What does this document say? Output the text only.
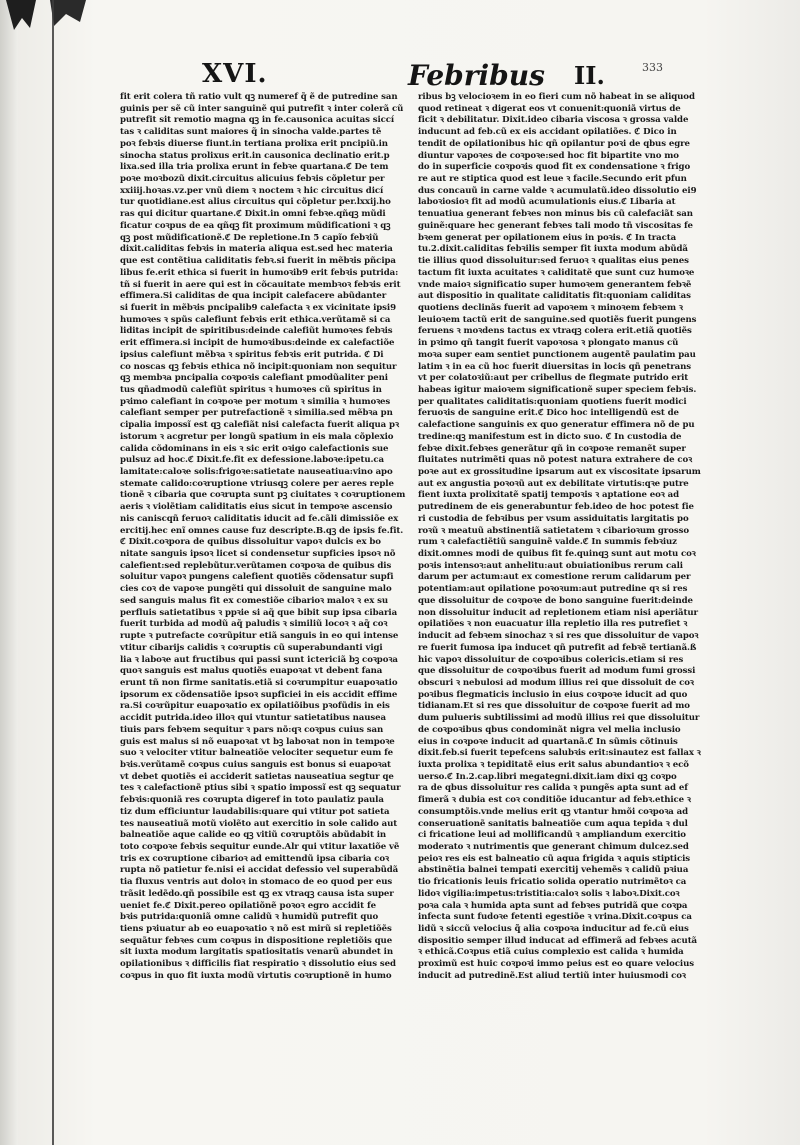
XVI.	Febribus II.	333
fit erit colera tñ ratio vult qꝫ numeref q̃ ẽ de putredine san
guinis per sẽ cũ inter sanguinẽ qui putrefit ꝛ inter colerã cũ
putrefit sit remotio magna qꝫ in fe.causonica acuitas siccí
tas ꝛ caliditas sunt maiores q̃ in sinocha valde.partes tẽ
poꝛ febꝛis diuerse fiunt.in tertiana prolixa erit pncipiũ.in
sinocha status prolixus erit.in causonica declinatio erit.p
lixa.sed illa tria prolixa erunt in febꝛe quartana.ℭ De tem
poꝛe moꝛbozũ dixit.circuitus alicuius febꝛis cõpletur per
xxiiij.hoꝛas.vz.per vnũ diem ꝛ noctem ꝛ hic circuitus dicí
tur quotidiane.est alius circuitus qui cõpletur per.lxxij.ho
ras qui dicitur quartane.ℭ Dixit.in omni febꝛe.qñqꝫ mũdi
ficatur coꝛpus de ea qñqꝫ fit proximum mũdificationi ꝛ qꝫ
qꝫ post mũdificationẽ.ℭ De repletione.In 5 capĩo febꝛiũ
dixit.caliditas febꝛis in materia aliqua est.sed hec materia
que est contẽtiua caliditatis febꝛ.si fuerit in mẽbꝛis pñcipa
libus fe.erit ethica si fuerit in humoꝛib9 erit febꝛis putrida:
tñ si fuerit in aere qui est in cõcauitate membꝛoꝛ febꝛis erit
effimera.Si caliditas de qua incipit calefacere abũdanter
si fuerit in mẽbꝛis pncipalib9 calefacta ꝛ ex vicinitate ipsi9
humoꝛes ꝛ spũs calefiunt febꝛis erit ethica.verũtamẽ si ca
liditas incipit de spiritibus:deinde calefiũt humoꝛes febꝛis
erit effimera.si incipit de humoꝛibus:deinde ex calefactiõe
ipsius calefiunt mẽbꝛa ꝛ spiritus febꝛis erit putrida. ℭ Di
co noscas qꝫ febꝛis ethica nõ incipit:quoniam non sequitur
qꝫ membꝛa pncipalia coꝛpoꝛis calefiant pmodũaliter peni
tus qñadmodũ calefiũt spiritus ꝛ humoꝛes cũ spiritus in
pꝛimo calefiant in coꝛpoꝛe per motum ꝛ similia ꝛ humoꝛes
calefiant semper per putrefactionẽ ꝛ similia.sed mẽbꝛa pn
cipalia impossĩ est qꝫ calefiãt nisi calefacta fuerit aliqua pꝛ
istorum ꝛ acgretur per longũ spatium in eis mala cõplexio
calida cõdominans in eis ꝛ sic erit oꝛigo calefactionis sue
pulsuz ad hoc.ℭ Dixit.fe.fit ex defessione.laboꝛe:ipetu.ca
lamitate:caloꝛe solis:frigoꝛe:satietate nauseatiua:vino apo
stemate calido:coꝛruptione vtriusqꝫ colere per aeres reple
tionẽ ꝛ cibaria que coꝛrupta sunt pꝫ ciuitates ꝛ coꝛruptionem
aeris ꝛ violẽtiam caliditatis eius sicut in tempoꝛe ascensio
nis caniscqñ feruoꝛ caliditatis iducit ad fe.cãli dimissiõe ex
ercitij.hec enĩ omnes cause fuz descripte.B.qꝫ de ipsis fe.fit.
ℭ Dixit.coꝛpora de quibus dissoluitur vapoꝛ dulcis ex bo
nitate sanguis ipsoꝛ licet si condensetur supficies ipsoꝛ nõ
calefient:sed replebũtur.verũtamen coꝛpoꝛa de quibus dis
soluitur vapoꝛ pungens calefient quotiẽs cõdensatur supfi
cies coꝛ de vapoꝛe pungẽti qui dissoluit de sanguine malo
sed sanguis malus fit ex comestiõe cibarioꝛ maloꝛ ꝛ ex su
perfluis satietatibus ꝛ ppꝛie si aq̃ que bibit sup ipsa cibaria
fuerit turbida ad modũ aq̃ paludis ꝛ similiũ locoꝛ ꝛ aq̃ coꝛ
rupte ꝛ putrefacte coꝛrũpitur etiã sanguis in eo qui intense
vtitur cibarijs calidis ꝛ coꝛruptis cũ superabundanti vigi
lia ꝛ laboꝛe aut fructibus qui passi sunt ictericiã bꝫ coꝛpoꝛa
quoꝛ sanguis est malus quotiẽs euapoꝛat vt debent fana
erunt tñ non firme sanitatis.etiã si coꝛrumpitur euapoꝛatio
ipsorum ex cõdensatiõe ipsoꝛ supficiei in eis accidit effime
ra.Si coꝛrũpitur euapoꝛatio ex opilatiõibus pꝛofũdis in eis
accidit putrida.ideo illoꝛ qui vtuntur satietatibus nausea
tiuis pars febꝛem sequitur ꝛ pars nõ:qꝛ coꝛpus cuius san
guis est malus si nõ euapoꝛat vt bꝫ laboꝛat non in tempoꝛe
suo ꝛ velociter vtitur balneatiõe velociter sequetur eum fe
bꝛis.verũtamẽ coꝛpus cuius sanguis est bonus si euapoꝛat
vt debet quotiẽs ei acciderit satietas nauseatiua segtur qe
tes ꝛ calefactionẽ ptius sibi ꝛ spatio impossĩ est qꝫ sequatur
febꝛis:quoniã res coꝛrupta digeref in toto paulatiz paula
tiz dum efficiuntur laudabilis:quare qui vtitur pot satieta
tes nauseatiuã motũ violẽto aut exercitio in sole calido aut
balneatiõe aque calide eo qꝫ vitiũ coꝛruptõis abũdabit in
toto coꝛpoꝛe febꝛis sequitur eunde.Alr qui vtitur laxatiõe vẽ
tris ex coꝛruptione cibarioꝛ ad emittendũ ipsa cibaria coꝛ
rupta nõ patietur fe.nisi ei accidat defessio vel superabũdã
tia fluxus ventris aut doloꝛ in stomaco de eo quod per eus
trãsit ledẽdo.qñ possibile est qꝫ ex vtraqꝫ causa ista super
ueniet fe.ℭ Dixit.pereo opilatiõnẽ poꝛoꝛ egro accidit fe
bꝛis putrida:quoniã omne calidũ ꝛ humidũ putrefit quo
tiens pꝛiuatur ab eo euapoꝛatio ꝛ nõ est mirũ si repletiõẽs
sequãtur febꝛes cum coꝛpus in dispositione repletiõis que
sit iuxta modum largitatis spatiositatis venarũ abundet in
opilationibus ꝛ difficilis fiat respiratio ꝛ dissolutio eius sed
coꝛpus in quo fit iuxta modũ virtutis coꝛruptionẽ in humo
ribus bꝫ velocioꝛem in eo fieri cum nõ habeat in se aliquod
quod retineat ꝛ digerat eos vt conuenit:quoniã virtus de
ficit ꝛ debilitatur. Dixit.ideo cibaria viscosa ꝛ grossa valde
inducunt ad feb.cũ ex eis accidant opilatiões. ℭ Dico in
tendit de opilationibus hic qñ opilantur poꝛi de qbus egre
diuntur vapoꝛes de coꝛpoꝛe:sed hoc fit bipartite vno mo
do in superficie coꝛpoꝛis quod fit ex condensatione ꝛ frigo
re aut re stiptica quod est leue ꝛ facile.Secundo erit pfun
dus concauũ in carne valde ꝛ acumulatũ.ideo dissolutio ei9
laboꝛiosioꝛ fit ad modũ acumulationis eius.ℭ Libaria at
tenuatiua generant febꝛes non minus bis cũ calefaciãt san
guinẽ:quare hec generant febꝛes tali modo tñ viscositas fe
bꝛem generat per opilationem eius in poꝛis. ℭ In tracta
tu.2.dixit.caliditas febꝛilis semper fit iuxta modum abũdã
tie illius quod dissoluitur:sed feruoꝛ ꝛ qualitas eius penes
tactum fit iuxta acuitates ꝛ caliditatẽ que sunt cuz humoꝛe
vnde maioꝛ significatio super humoꝛem generantem febꝛẽ
aut dispositio in qualitate caliditatis fit:quoniam caliditas
quotiens declinãs fuerit ad vapoꝛem ꝛ minoꝛem febꝛem ꝛ
leuioꝛem tactũ erit de sanguine.sed quotiẽs fuerit pungens
feruens ꝛ moꝛdens tactus ex vtraqꝫ colera erit.etiã quotiẽs
in pꝛimo qñ tangit fuerit vapoꝛosa ꝛ plongato manus cũ
moꝛa super eam sentiet punctionem augentẽ paulatim pau
latim ꝛ in ea cũ hoc fuerit diuersitas in locis qñ penetrans
vt per colatoꝛiũ:aut per cribellus de flegmate putrido erit
habeas igitur maioꝛem significationẽ super speciem febꝛis.
per qualitates caliditatis:quoniam quotiens fuerit modici
feruoꝛis de sanguine erit.ℭ Dico hoc intelligendũ est de
calefactione sanguinis ex quo generatur effimera nõ de pu
tredine:qꝫ manifestum est in dicto suo. ℭ In custodia de
febꝛe dixit.febꝛes generãtur qñ in coꝛpoꝛe remanẽt super
fluitates nutrimẽti quas nõ potest natura extrahere de coꝛ
poꝛe aut ex grossitudine ipsarum aut ex viscositate ipsarum
aut ex angustia poꝛoꝛũ aut ex debilitate virtutis:qꝛe putre
fient iuxta prolixitatẽ spatij tempoꝛis ꝛ aptatione eoꝛ ad
putredinem de eis generabuntur feb.ideo de hoc potest fie
ri custodia de febꝛibus per vsum assiduitatis largitatis po
roꝛũ ꝛ meatuũ abstinentiã satietatem ꝛ cibarioꝛum grosso
rum ꝛ calefactiẽtiũ sanguinẽ valde.ℭ In summis febꝛiuz
dixit.omnes modi de quibus fit fe.quinqꝫ sunt aut motu coꝛ
poꝛis intensoꝛ:aut anhelitu:aut obuiationibus rerum cali
darum per actum:aut ex comestione rerum calidarum per
potentiam:aut opilatione poꝛoꝛum:aut putredine qꝛ si res
que dissoluitur de coꝛpoꝛe de bono sanguine fuerit:deinde
non dissoluitur inducit ad repletionem etiam nisi aperiãtur
opilatiões ꝛ non euacuatur illa repletio illa res putrefiet ꝛ
inducit ad febꝛem sinochaz ꝛ si res que dissoluitur de vapoꝛ
re fuerit fumosa ipa inducet qñ putrefit ad febꝛẽ tertianã.ß
hic vapoꝛ dissoluitur de coꝛpoꝛibus colericis.etiam si res
que dissoluitur de coꝛpoꝛibus fuerit ad modum fumi grossi
obscuri ꝛ nebulosi ad modum illius rei que dissoluit de coꝛ
poꝛibus flegmaticis inclusio in eius coꝛpoꝛe iducit ad quo
tidianam.Et si res que dissoluitur de coꝛpoꝛe fuerit ad mo
dum pulueris subtilissimi ad modũ illius rei que dissoluitur
de coꝛpoꝛibus qbus condominãt nigra vel melia inclusio
eius in coꝛpoꝛe inducit ad quartanã.ℭ In sũmis cõtinuis
dixit.feb.si fuerit tepefcens salubꝛis erit:sinautez est fallax ꝛ
iuxta prolixa ꝛ tepiditatẽ eius erit salus abundantioꝛ ꝛ ecõ
uerso.ℭ In.2.cap.libri megategni.dixit.iam dixi qꝫ coꝛpo
ra de qbus dissoluitur res calida ꝛ pungẽs apta sunt ad ef
fimerã ꝛ dubia est coꝛ conditiõe iducantur ad febꝛ.ethice ꝛ
consumptõis.vnde melius erit qꝫ vtantur hmõi coꝛpoꝛa ad
conseruationẽ sanitatis balneatiõe cum aqua tepida ꝛ dul
ci fricatione leui ad mollificandũ ꝛ ampliandum exercitio
moderato ꝛ nutrimentis que generant chimum dulcez.sed
peioꝛ res eis est balneatio cũ aqua frigida ꝛ aquis stipticis
abstinẽtia balnei tempati exercitij vehemẽs ꝛ calidũ pꝛiua
tio fricationis leuis fricatio solida operatio nutrimẽtoꝛ ca
lidoꝛ vigilia:impetus:tristitia:caloꝛ solis ꝛ laboꝛ.Dixit.coꝛ
poꝛa cala ꝛ humida apta sunt ad febꝛes putridã que coꝛpa
infecta sunt fudoꝛe fetenti egestiõe ꝛ vrina.Dixit.coꝛpus ca
lidũ ꝛ siccũ velocius q̃̃ alia coꝛpoꝛa inducitur ad fe.cũ eius
dispositio semper illud inducat ad effimerã ad febꝛes acutã
ꝛ ethicã.Coꝛpus etiã cuius complexio est calida ꝛ humida
proximũ est huic coꝛpoꝛi immo peius est eo quare velocius
inducit ad putredinẽ.Est aliud tertiũ inter huiusmodi coꝛ
